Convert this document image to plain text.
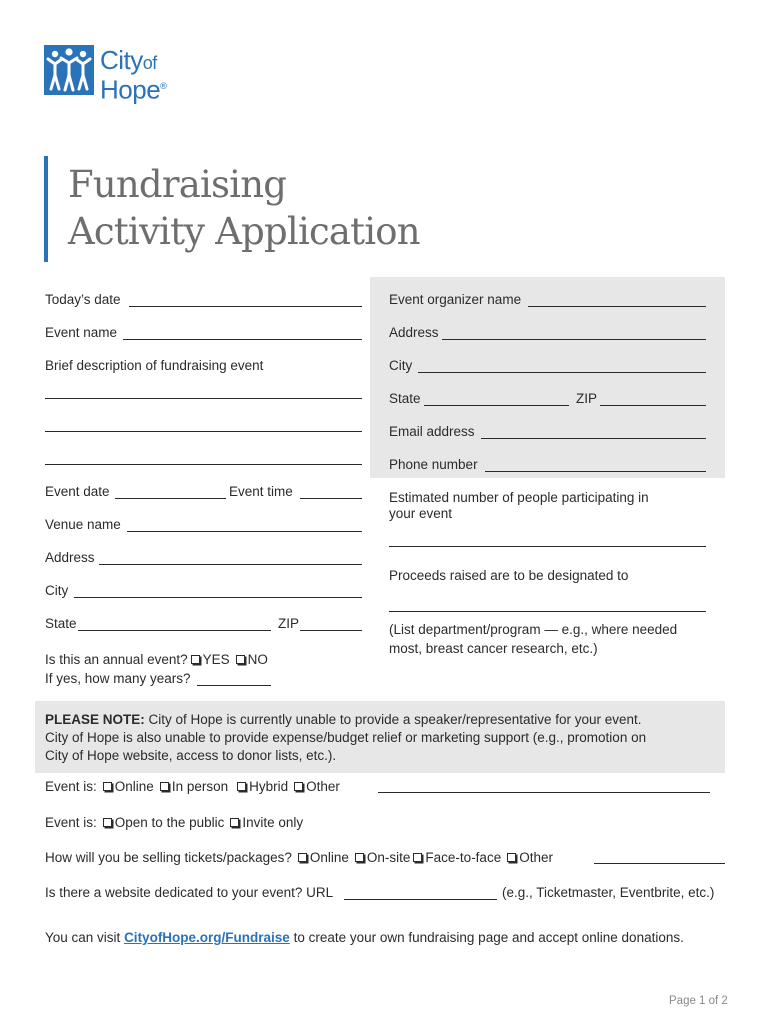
Cityof
Hope®
Fundraising
Activity Application
Today’s date
Event name
Brief description of fundraising event
Event date	Event time
Venue name
Address
City
State	ZIP
Is this an annual event? YES NO
If yes, how many years?
Event organizer name
Address
City
State	ZIP
Email address
Phone number
Estimated number of people participating in
your event
Proceeds raised are to be designated to
(List department/program — e.g., where needed
most, breast cancer research, etc.)
PLEASE NOTE: City of Hope is currently unable to provide a speaker/representative for your event.
City of Hope is also unable to provide expense/budget relief or marketing support (e.g., promotion on
City of Hope website, access to donor lists, etc.).
Event is: Online In person Hybrid Other
Event is: Open to the public Invite only
How will you be selling tickets/packages? Online On-site Face-to-face Other
Is there a website dedicated to your event? URL	(e.g., Ticketmaster, Eventbrite, etc.)
You can visit CityofHope.org/Fundraise to create your own fundraising page and accept online donations.
Page 1 of 2
